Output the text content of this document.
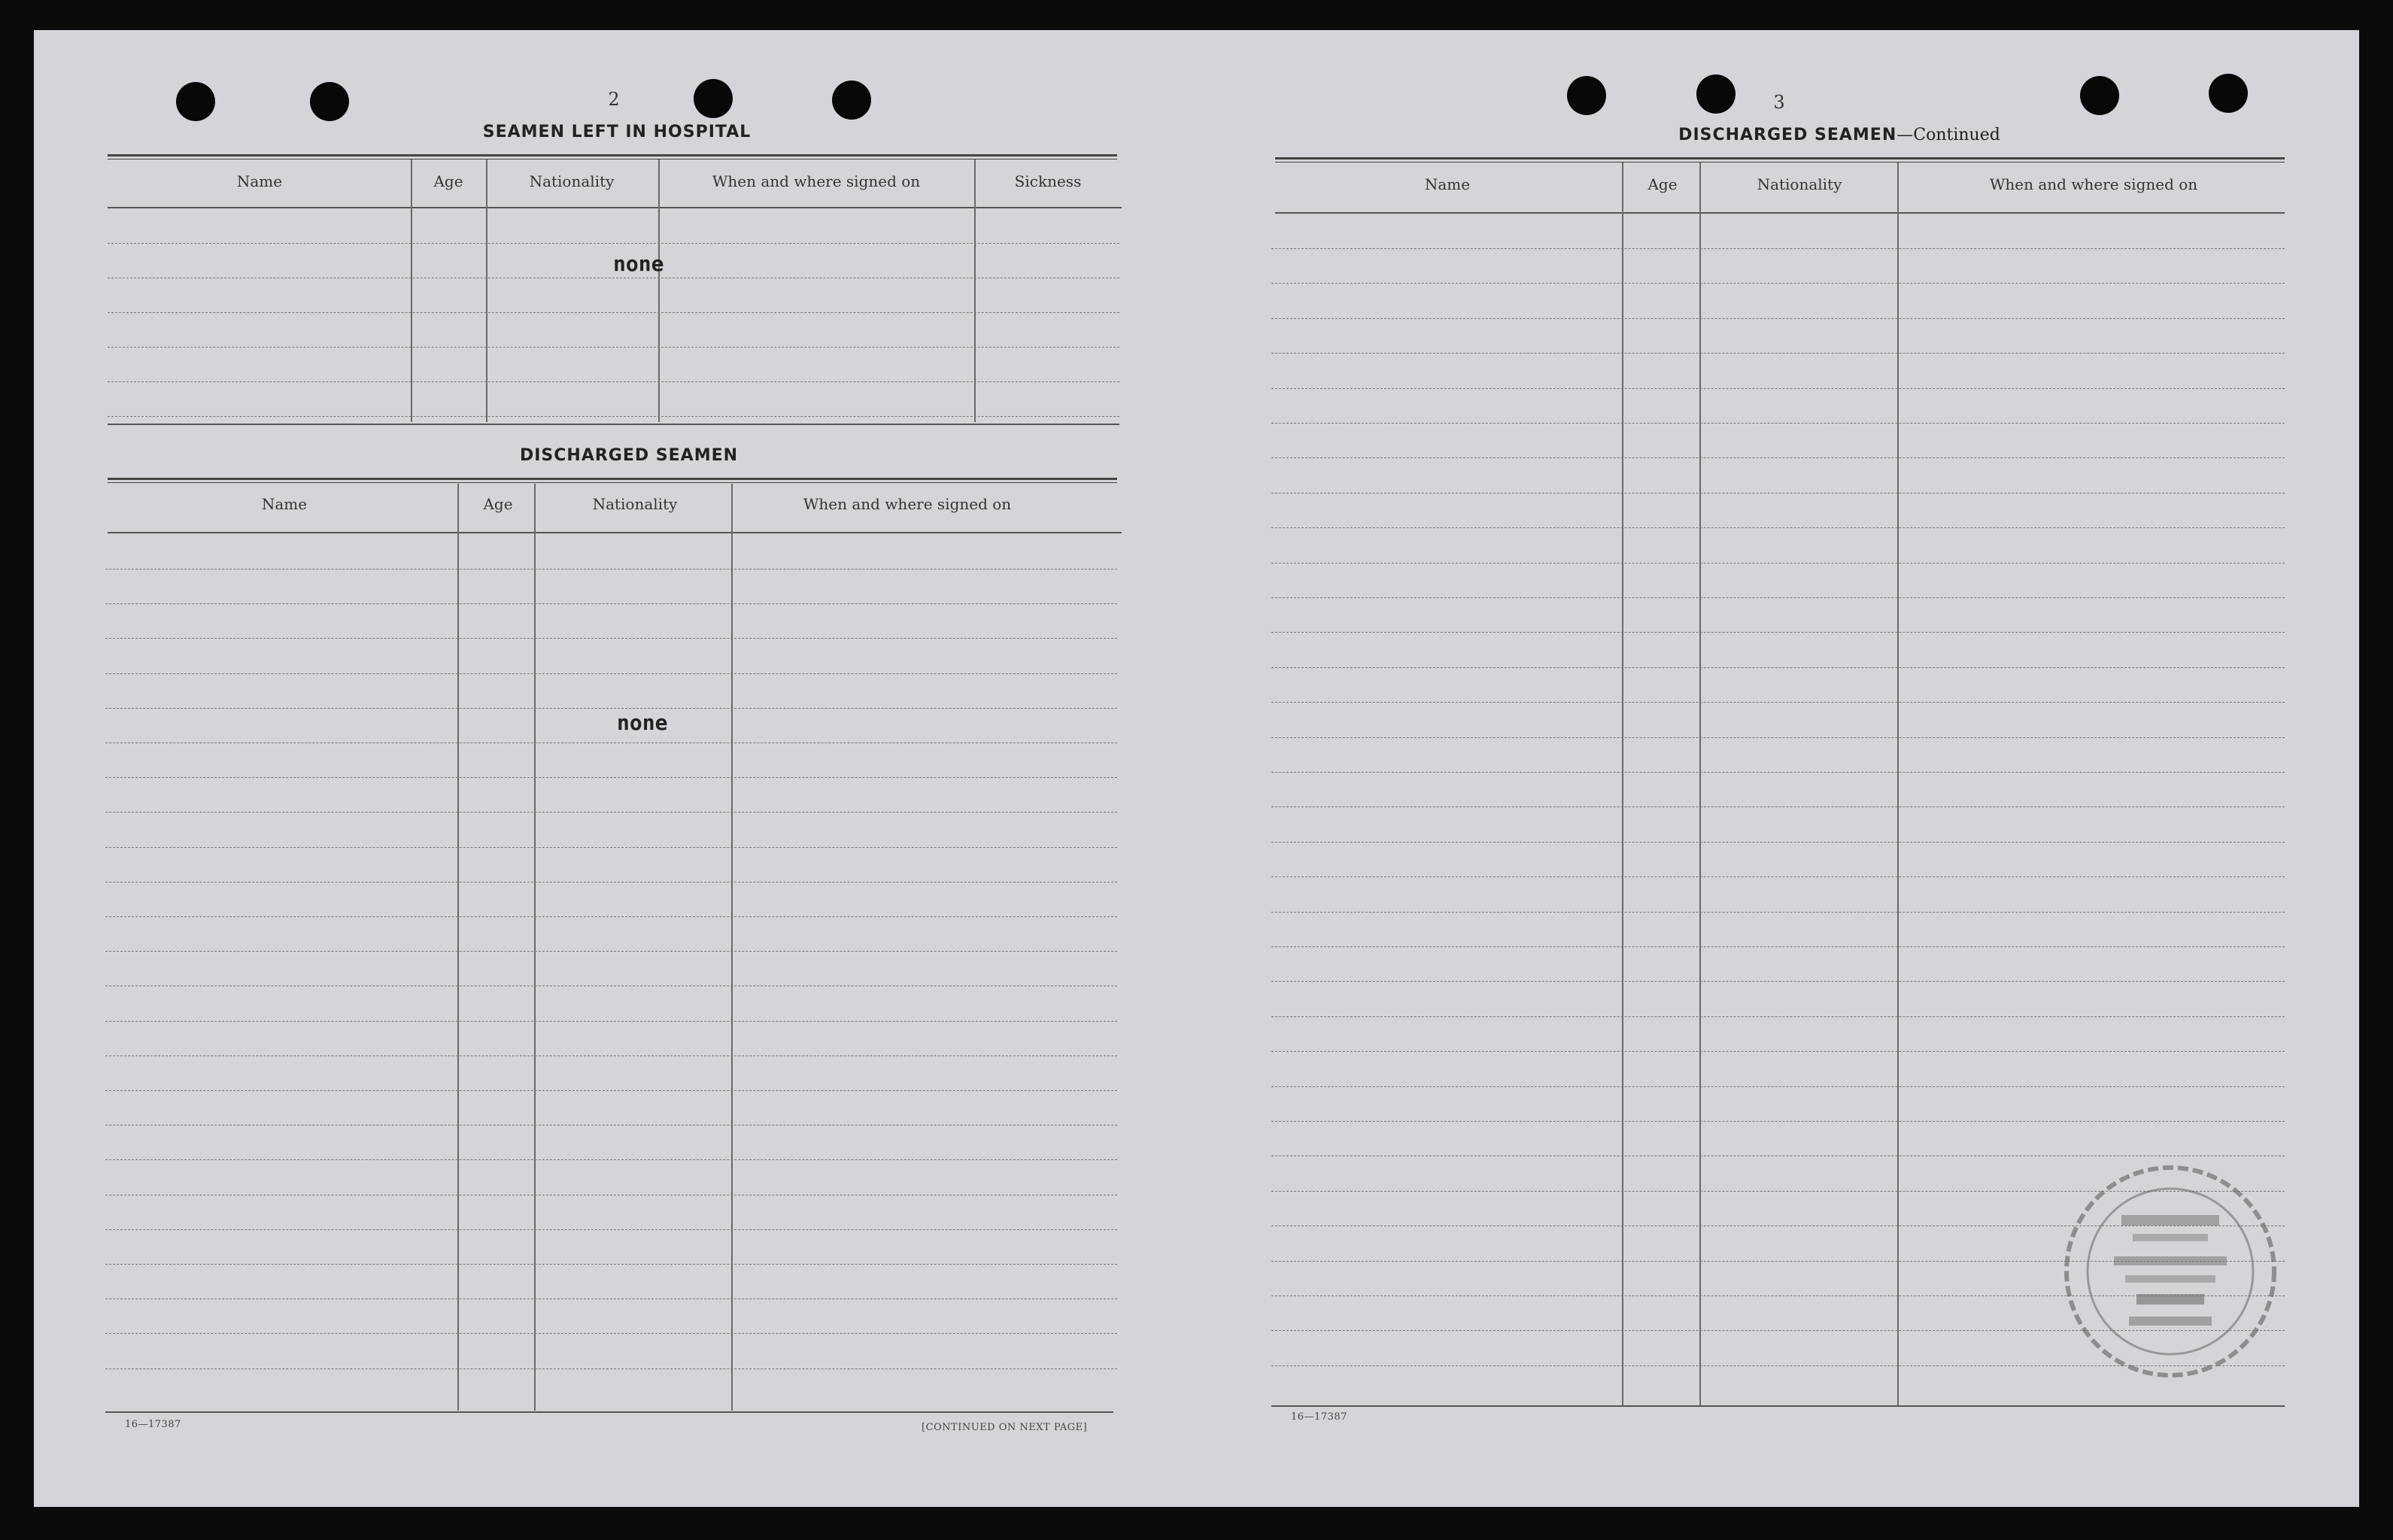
2
SEAMEN LEFT IN HOSPITAL
Name	Age	Nationality	When and where signed on	Sickness
none
DISCHARGED SEAMEN
Name	Age	Nationality	When and where signed on
none
16—17387	[CONTINUED ON NEXT PAGE]
3
DISCHARGED SEAMEN—Continued
Name	Age	Nationality	When and where signed on
16—17387
